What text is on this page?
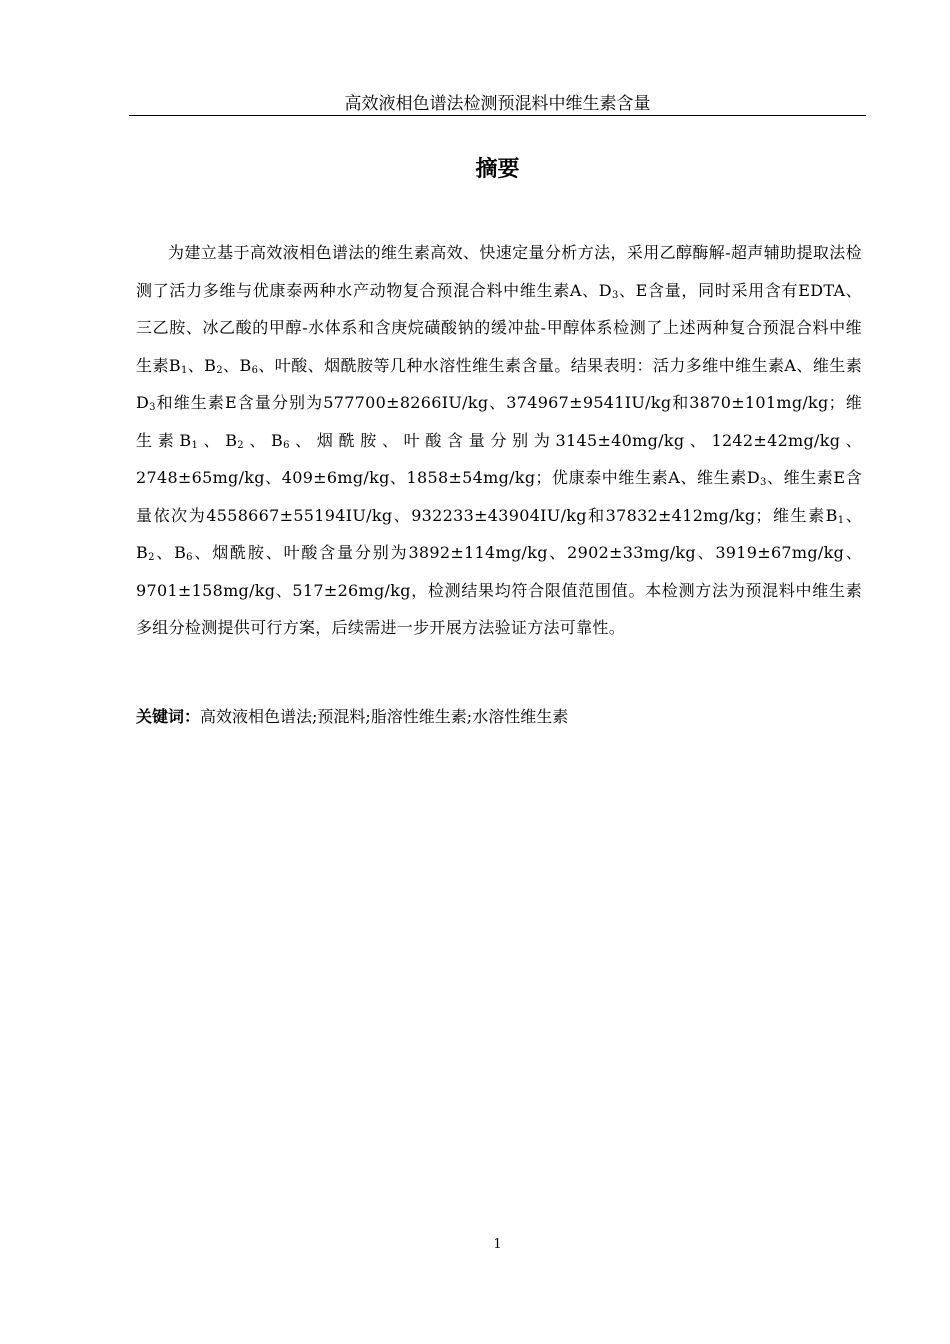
高效液相色谱法检测预混料中维生素含量
摘要

为建立基于高效液相色谱法的维生素高效、快速定量分析方法，采用乙醇酶解-超声辅助提取法检测了活力多维与优康泰两种水产动物复合预混合料中维生素A、$D_3$、E含量，同时采用含有EDTA、三乙胺、冰乙酸的甲醇-水体系和含庚烷磺酸钠的缓冲盐-甲醇体系检测了上述两种复合预混合料中维生素$B_1$、$B_2$、$B_6$、叶酸、烟酰胺等几种水溶性维生素含量。结果表明：活力多维中维生素A、维生素$D_3$和维生素E含量分别为577700±8266IU/kg、374967±9541IU/kg和3870±101mg/kg；维生素$B_1$、$B_2$、$B_6$、烟酰胺、叶酸含量分别为3145±40mg/kg、1242±42mg/kg、2748±65mg/kg、409±6mg/kg、1858±54mg/kg；优康泰中维生素A、维生素$D_3$、维生素E含量依次为4558667±55194IU/kg、932233±43904IU/kg和37832±412mg/kg；维生素$B_1$、$B_2$、$B_6$、烟酰胺、叶酸含量分别为3892±114mg/kg、2902±33mg/kg、3919±67mg/kg、9701±158mg/kg、517±26mg/kg，检测结果均符合限值范围值。本检测方法为预混料中维生素多组分检测提供可行方案，后续需进一步开展方法验证方法可靠性。

关键词：高效液相色谱法;预混料;脂溶性维生素;水溶性维生素
1
